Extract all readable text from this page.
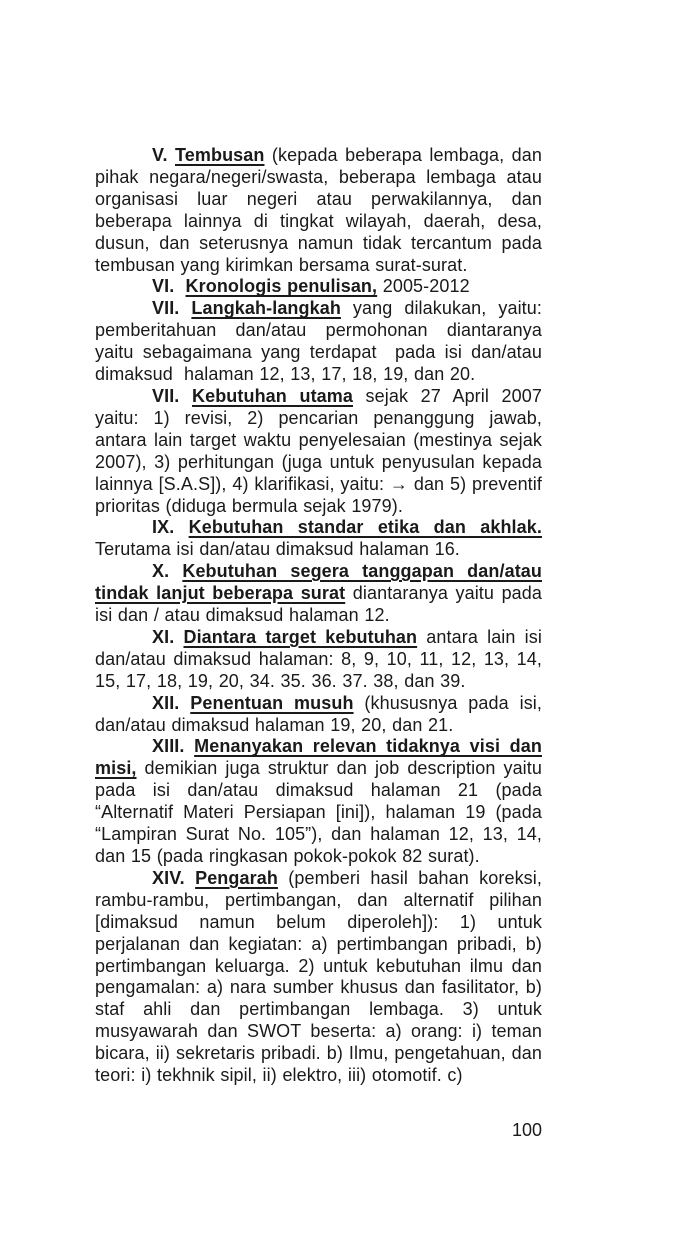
V. Tembusan (kepada beberapa lembaga, dan pihak negara/negeri/swasta, beberapa lembaga atau organisasi luar negeri atau perwakilannya, dan beberapa lainnya di tingkat wilayah, daerah, desa, dusun, dan seterusnya namun tidak tercantum pada tembusan yang kirimkan bersama surat-surat.

VI.  Kronologis penulisan, 2005-2012

VII. Langkah-langkah yang dilakukan, yaitu: pemberitahuan dan/atau permohonan diantaranya yaitu sebagaimana yang terdapat  pada isi dan/atau dimaksud  halaman 12, 13, 17, 18, 19, dan 20.

VII. Kebutuhan utama sejak 27 April 2007 yaitu: 1) revisi, 2) pencarian penanggung jawab, antara lain target waktu penyelesaian (mestinya sejak 2007), 3) perhitungan (juga untuk penyusulan kepada lainnya [S.A.S]), 4) klarifikasi, yaitu: → dan 5) preventif prioritas (diduga bermula sejak 1979).

IX. Kebutuhan standar etika dan akhlak. Terutama isi dan/atau dimaksud halaman 16.

X. Kebutuhan segera tanggapan dan/atau tindak lanjut beberapa surat diantaranya yaitu pada isi dan / atau dimaksud halaman 12.

XI. Diantara target kebutuhan antara lain isi dan/atau dimaksud halaman: 8, 9, 10, 11, 12, 13, 14, 15, 17, 18, 19, 20, 34. 35. 36. 37. 38, dan 39.

XII. Penentuan musuh (khususnya pada isi, dan/atau dimaksud halaman 19, 20, dan 21.

XIII. Menanyakan relevan tidaknya visi dan misi, demikian juga struktur dan job description yaitu pada isi dan/atau dimaksud halaman 21 (pada “Alternatif Materi Persiapan [ini]), halaman 19 (pada “Lampiran Surat No. 105”), dan halaman 12, 13, 14, dan 15 (pada ringkasan pokok-pokok 82 surat).

XIV. Pengarah (pemberi hasil bahan koreksi, rambu-rambu, pertimbangan, dan alternatif pilihan [dimaksud namun belum diperoleh]): 1) untuk perjalanan dan kegiatan: a) pertimbangan pribadi, b) pertimbangan keluarga. 2) untuk kebutuhan ilmu dan pengamalan: a) nara sumber khusus dan fasilitator, b) staf ahli dan pertimbangan lembaga. 3) untuk musyawarah dan SWOT beserta: a) orang: i) teman bicara, ii) sekretaris pribadi. b) Ilmu, pengetahuan, dan teori: i) tekhnik sipil, ii) elektro, iii) otomotif. c)

100
